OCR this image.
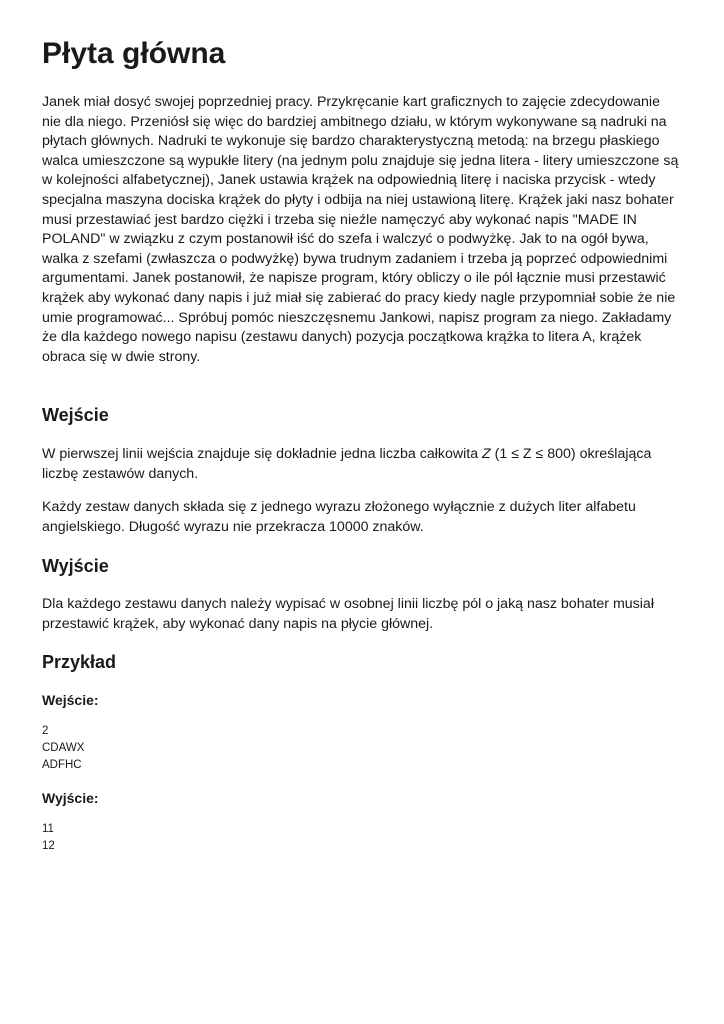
Płyta główna

Janek miał dosyć swojej poprzedniej pracy. Przykręcanie kart graficznych to zajęcie zdecydowanie nie dla niego. Przeniósł się więc do bardziej ambitnego działu, w którym wykonywane są nadruki na płytach głównych. Nadruki te wykonuje się bardzo charakterystyczną metodą: na brzegu płaskiego walca umieszczone są wypukłe litery (na jednym polu znajduje się jedna litera - litery umieszczone są w kolejności alfabetycznej), Janek ustawia krążek na odpowiednią literę i naciska przycisk - wtedy specjalna maszyna dociska krążek do płyty i odbija na niej ustawioną literę. Krążek jaki nasz bohater musi przestawiać jest bardzo ciężki i trzeba się nieźle namęczyć aby wykonać napis "MADE IN POLAND" w związku z czym postanowił iść do szefa i walczyć o podwyżkę. Jak to na ogół bywa, walka z szefami (zwłaszcza o podwyżkę) bywa trudnym zadaniem i trzeba ją poprzeć odpowiednimi argumentami. Janek postanowił, że napisze program, który obliczy o ile pól łącznie musi przestawić krążek aby wykonać dany napis i już miał się zabierać do pracy kiedy nagle przypomniał sobie że nie umie programować... Spróbuj pomóc nieszczęsnemu Jankowi, napisz program za niego. Zakładamy że dla każdego nowego napisu (zestawu danych) pozycja początkowa krążka to litera A, krążek obraca się w dwie strony.

Wejście

W pierwszej linii wejścia znajduje się dokładnie jedna liczba całkowita Z (1 ≤ Z ≤ 800) określająca liczbę zestawów danych.

Każdy zestaw danych składa się z jednego wyrazu złożonego wyłącznie z dużych liter alfabetu angielskiego. Długość wyrazu nie przekracza 10000 znaków.

Wyjście

Dla każdego zestawu danych należy wypisać w osobnej linii liczbę pól o jaką nasz bohater musiał przestawić krążek, aby wykonać dany napis na płycie głównej.

Przykład
Wejście:
2
CDAWX
ADFHC
Wyjście:
11
12
